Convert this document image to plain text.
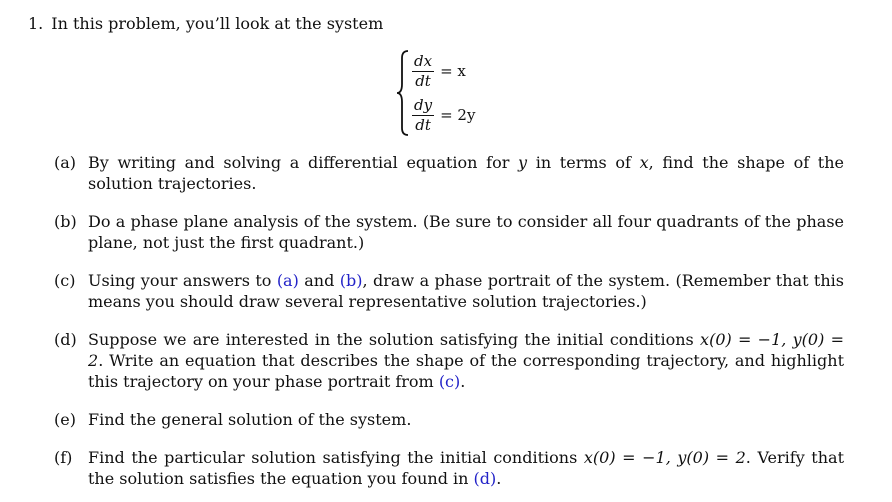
1. In this problem, you’ll look at the system
$\frac{dx}{dt} = x$
$\frac{dy}{dt} = 2y$
(a) By writing and solving a differential equation for y in terms of x, find the shape of the solution trajectories.
(b) Do a phase plane analysis of the system. (Be sure to consider all four quadrants of the phase plane, not just the first quadrant.)
(c) Using your answers to (a) and (b), draw a phase portrait of the system. (Remember that this means you should draw several representative solution trajectories.)
(d) Suppose we are interested in the solution satisfying the initial conditions x(0) = −1, y(0) = 2. Write an equation that describes the shape of the corresponding trajectory, and highlight this trajectory on your phase portrait from (c).
(e) Find the general solution of the system.
(f) Find the particular solution satisfying the initial conditions x(0) = −1, y(0) = 2. Verify that the solution satisfies the equation you found in (d).
